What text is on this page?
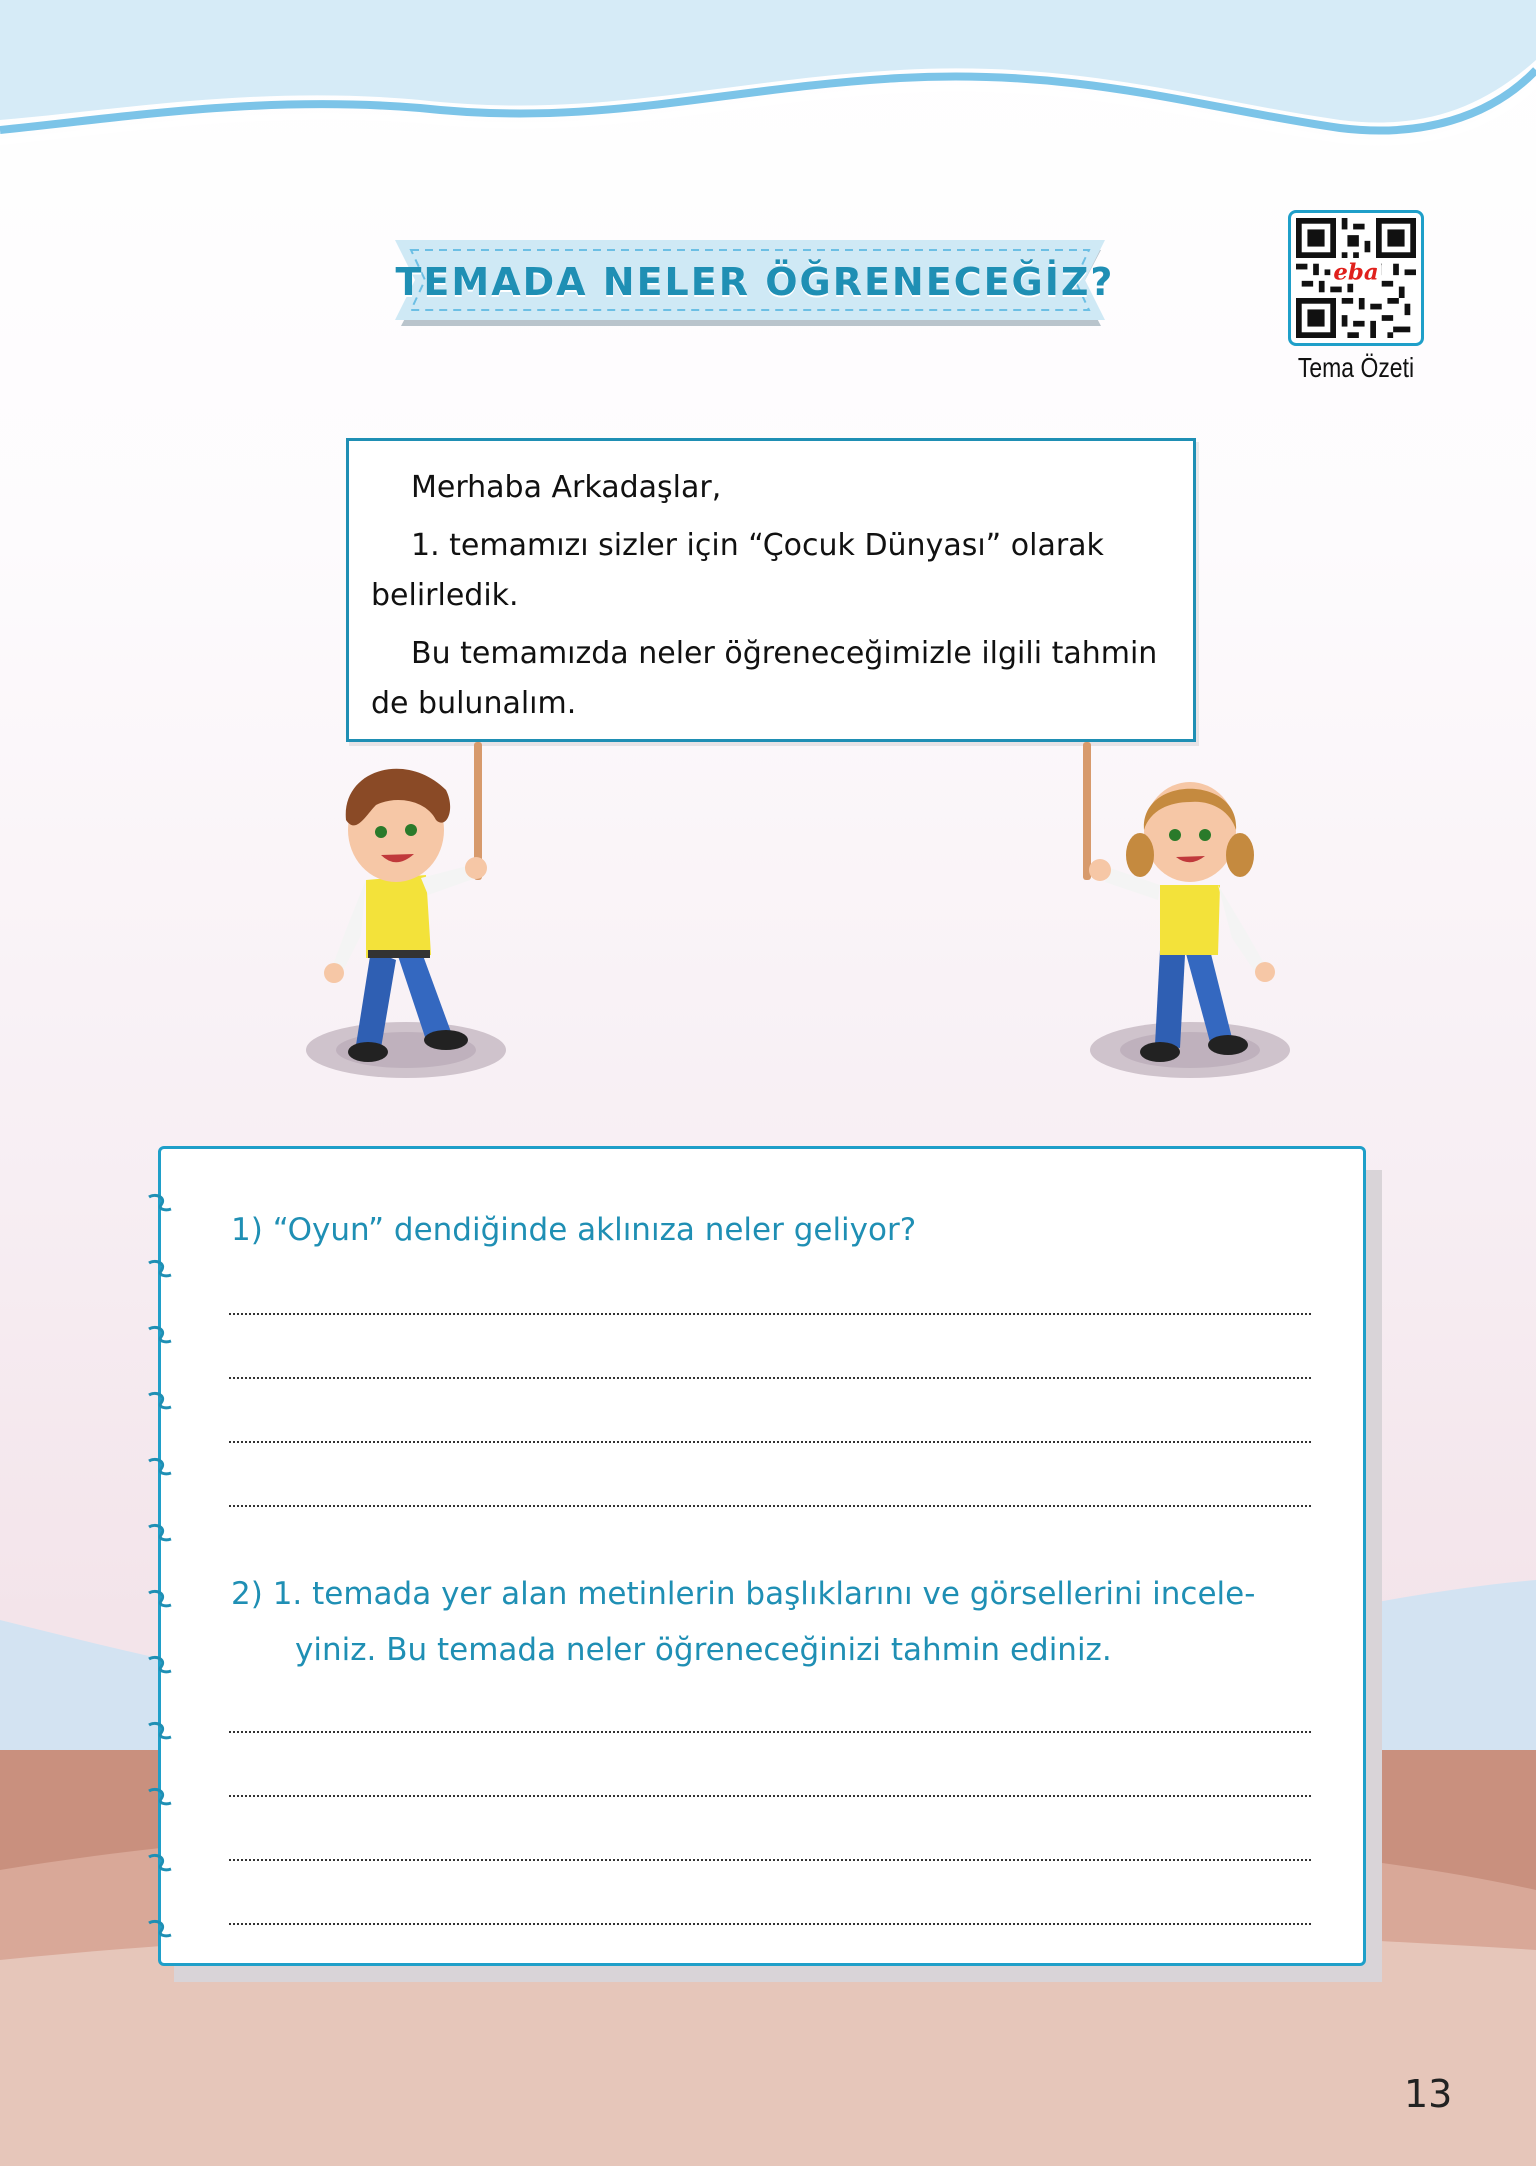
TEMADA NELER ÖĞRENECEĞİZ?	eba
Tema Özeti
Merhaba Arkadaşlar,
1. temamızı sizler için “Çocuk Dünyası” olarak belirledik.
Bu temamızda neler öğreneceğimizle ilgili tahmin de bulunalım.
1) “Oyun” dendiğinde aklınıza neler geliyor?
2) 1. temada yer alan metinlerin başlıklarını ve görsellerini incele-
yiniz. Bu temada neler öğreneceğinizi tahmin ediniz.
13
